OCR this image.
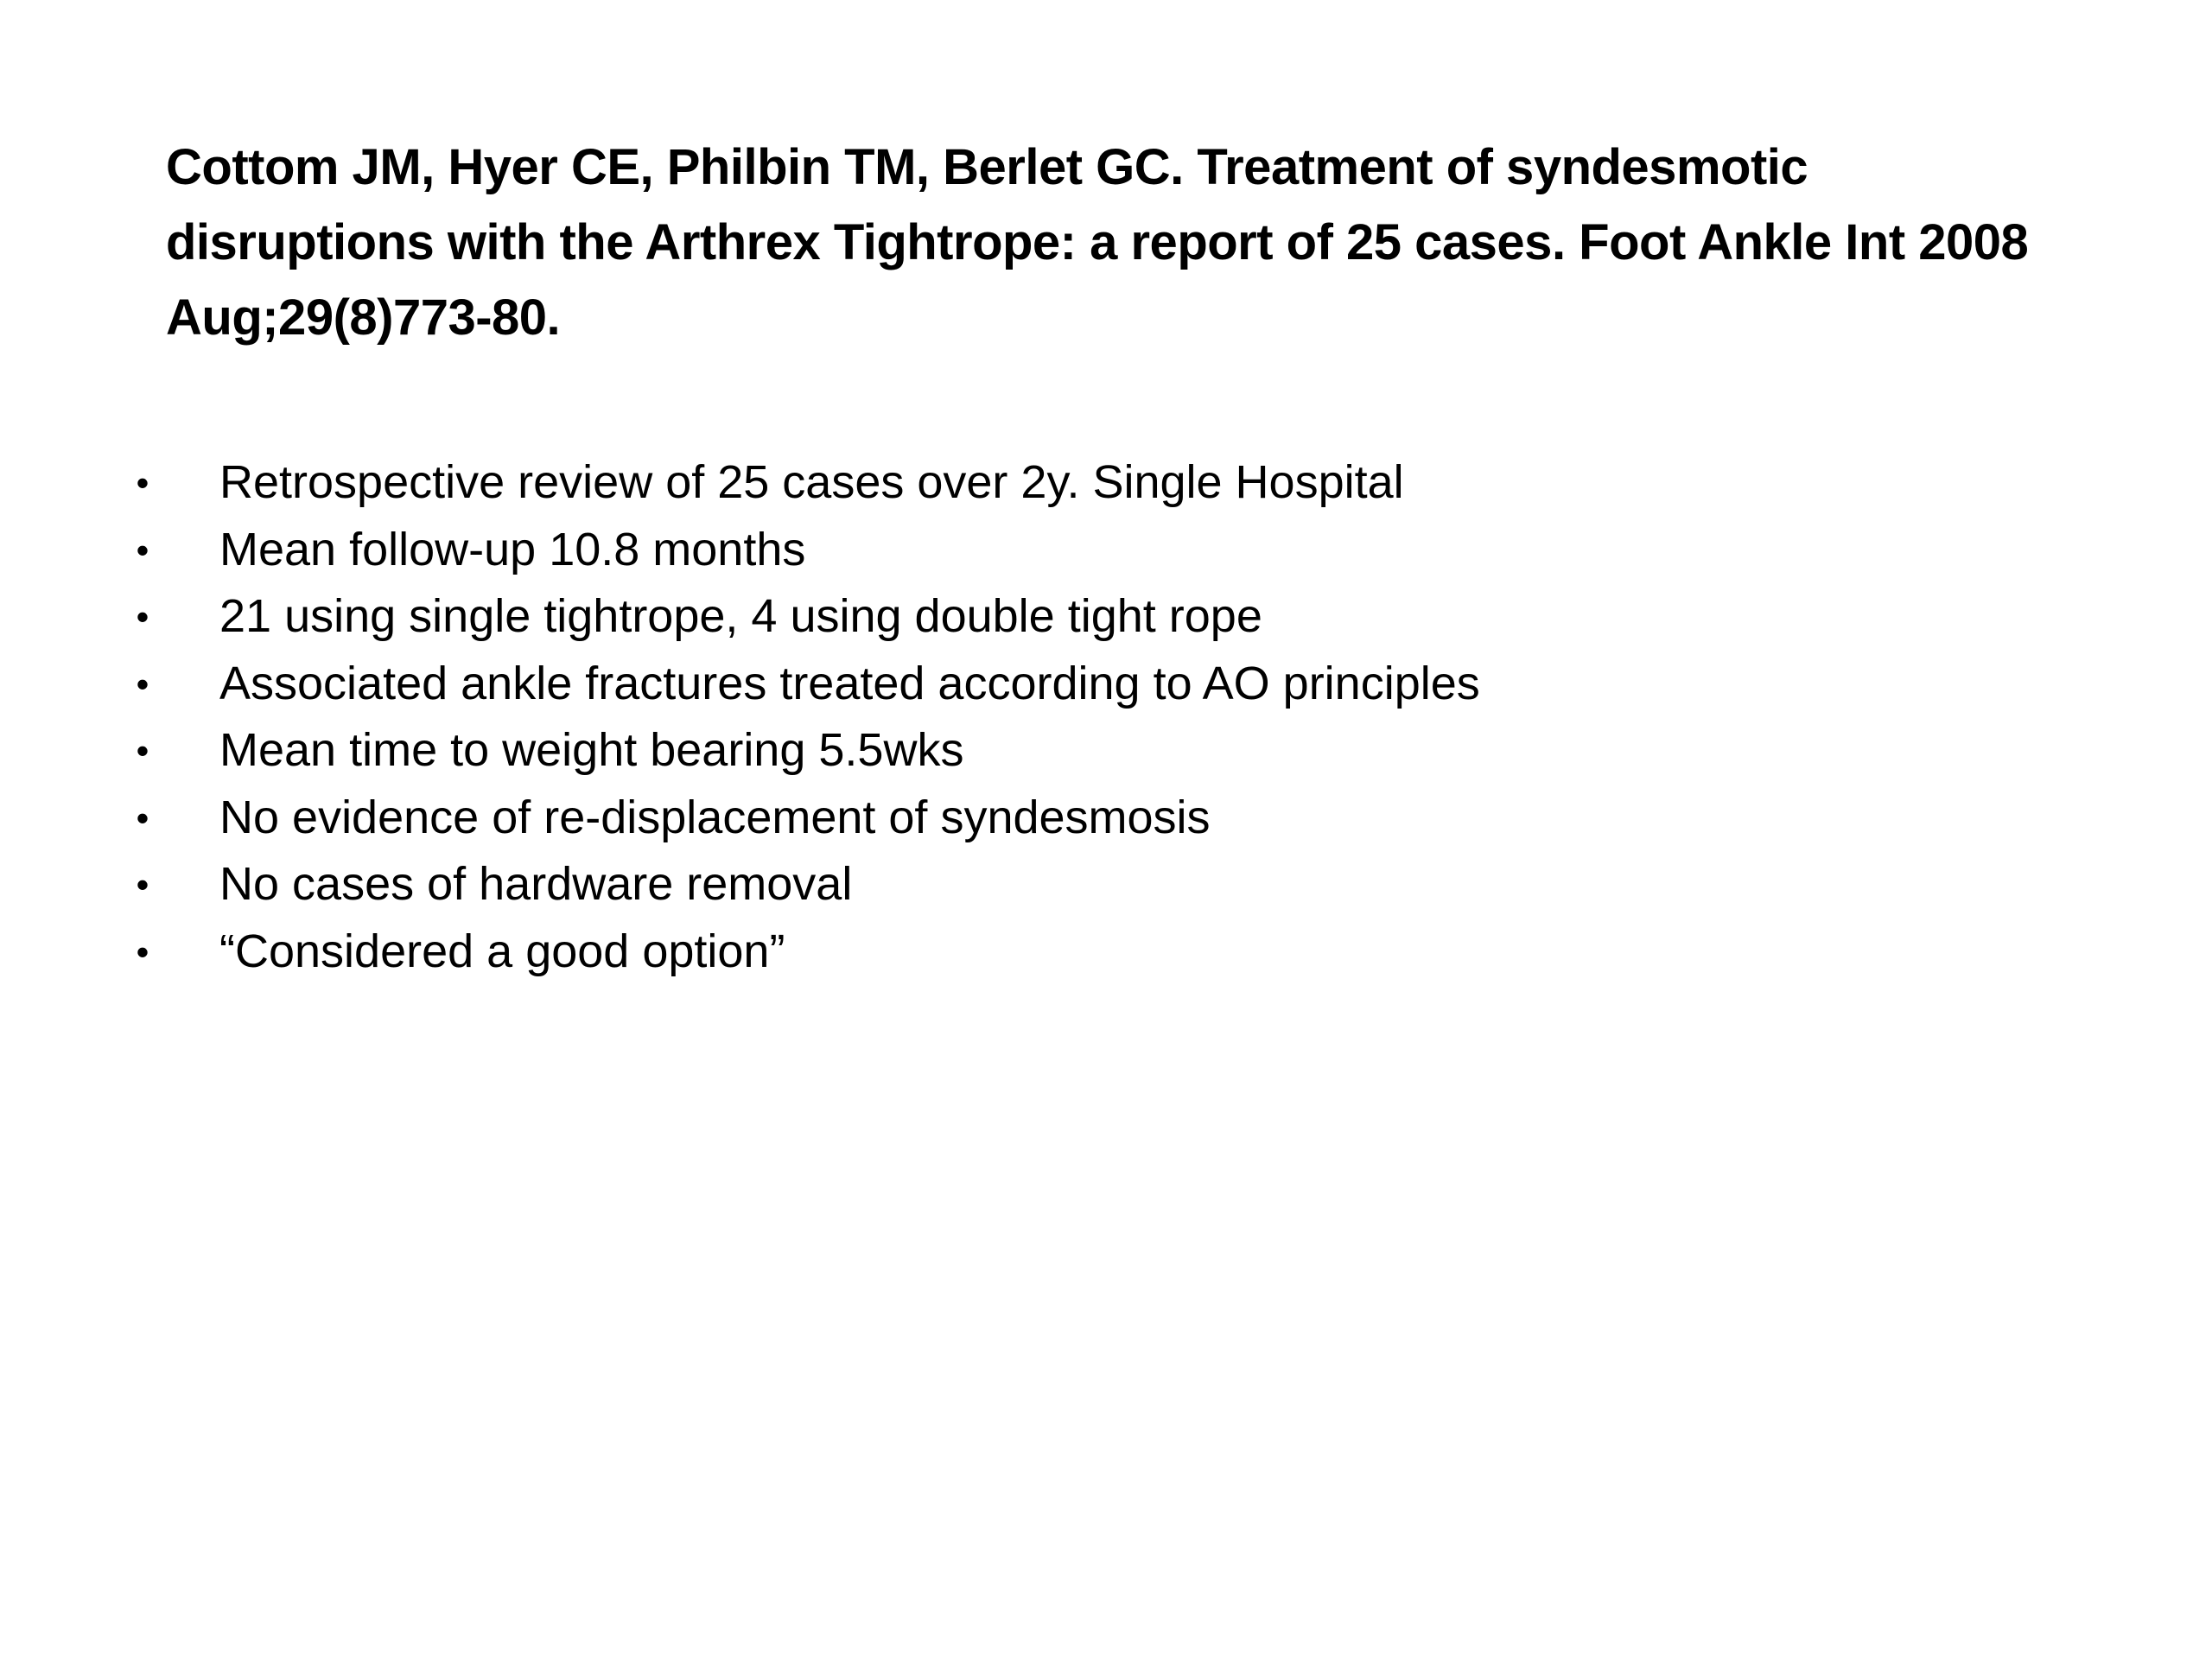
Cottom JM, Hyer CE, Philbin TM, Berlet GC. Treatment of syndesmotic disruptions with the Arthrex Tightrope: a report of 25 cases. Foot Ankle Int 2008 Aug;29(8)773-80.
• Retrospective review of 25 cases over 2y. Single Hospital
• Mean follow-up 10.8 months
• 21 using single tightrope, 4 using double tight rope
• Associated ankle fractures treated according to AO principles
• Mean time to weight bearing 5.5wks
• No evidence of re-displacement of syndesmosis
• No cases of hardware removal
• “Considered a good option”
